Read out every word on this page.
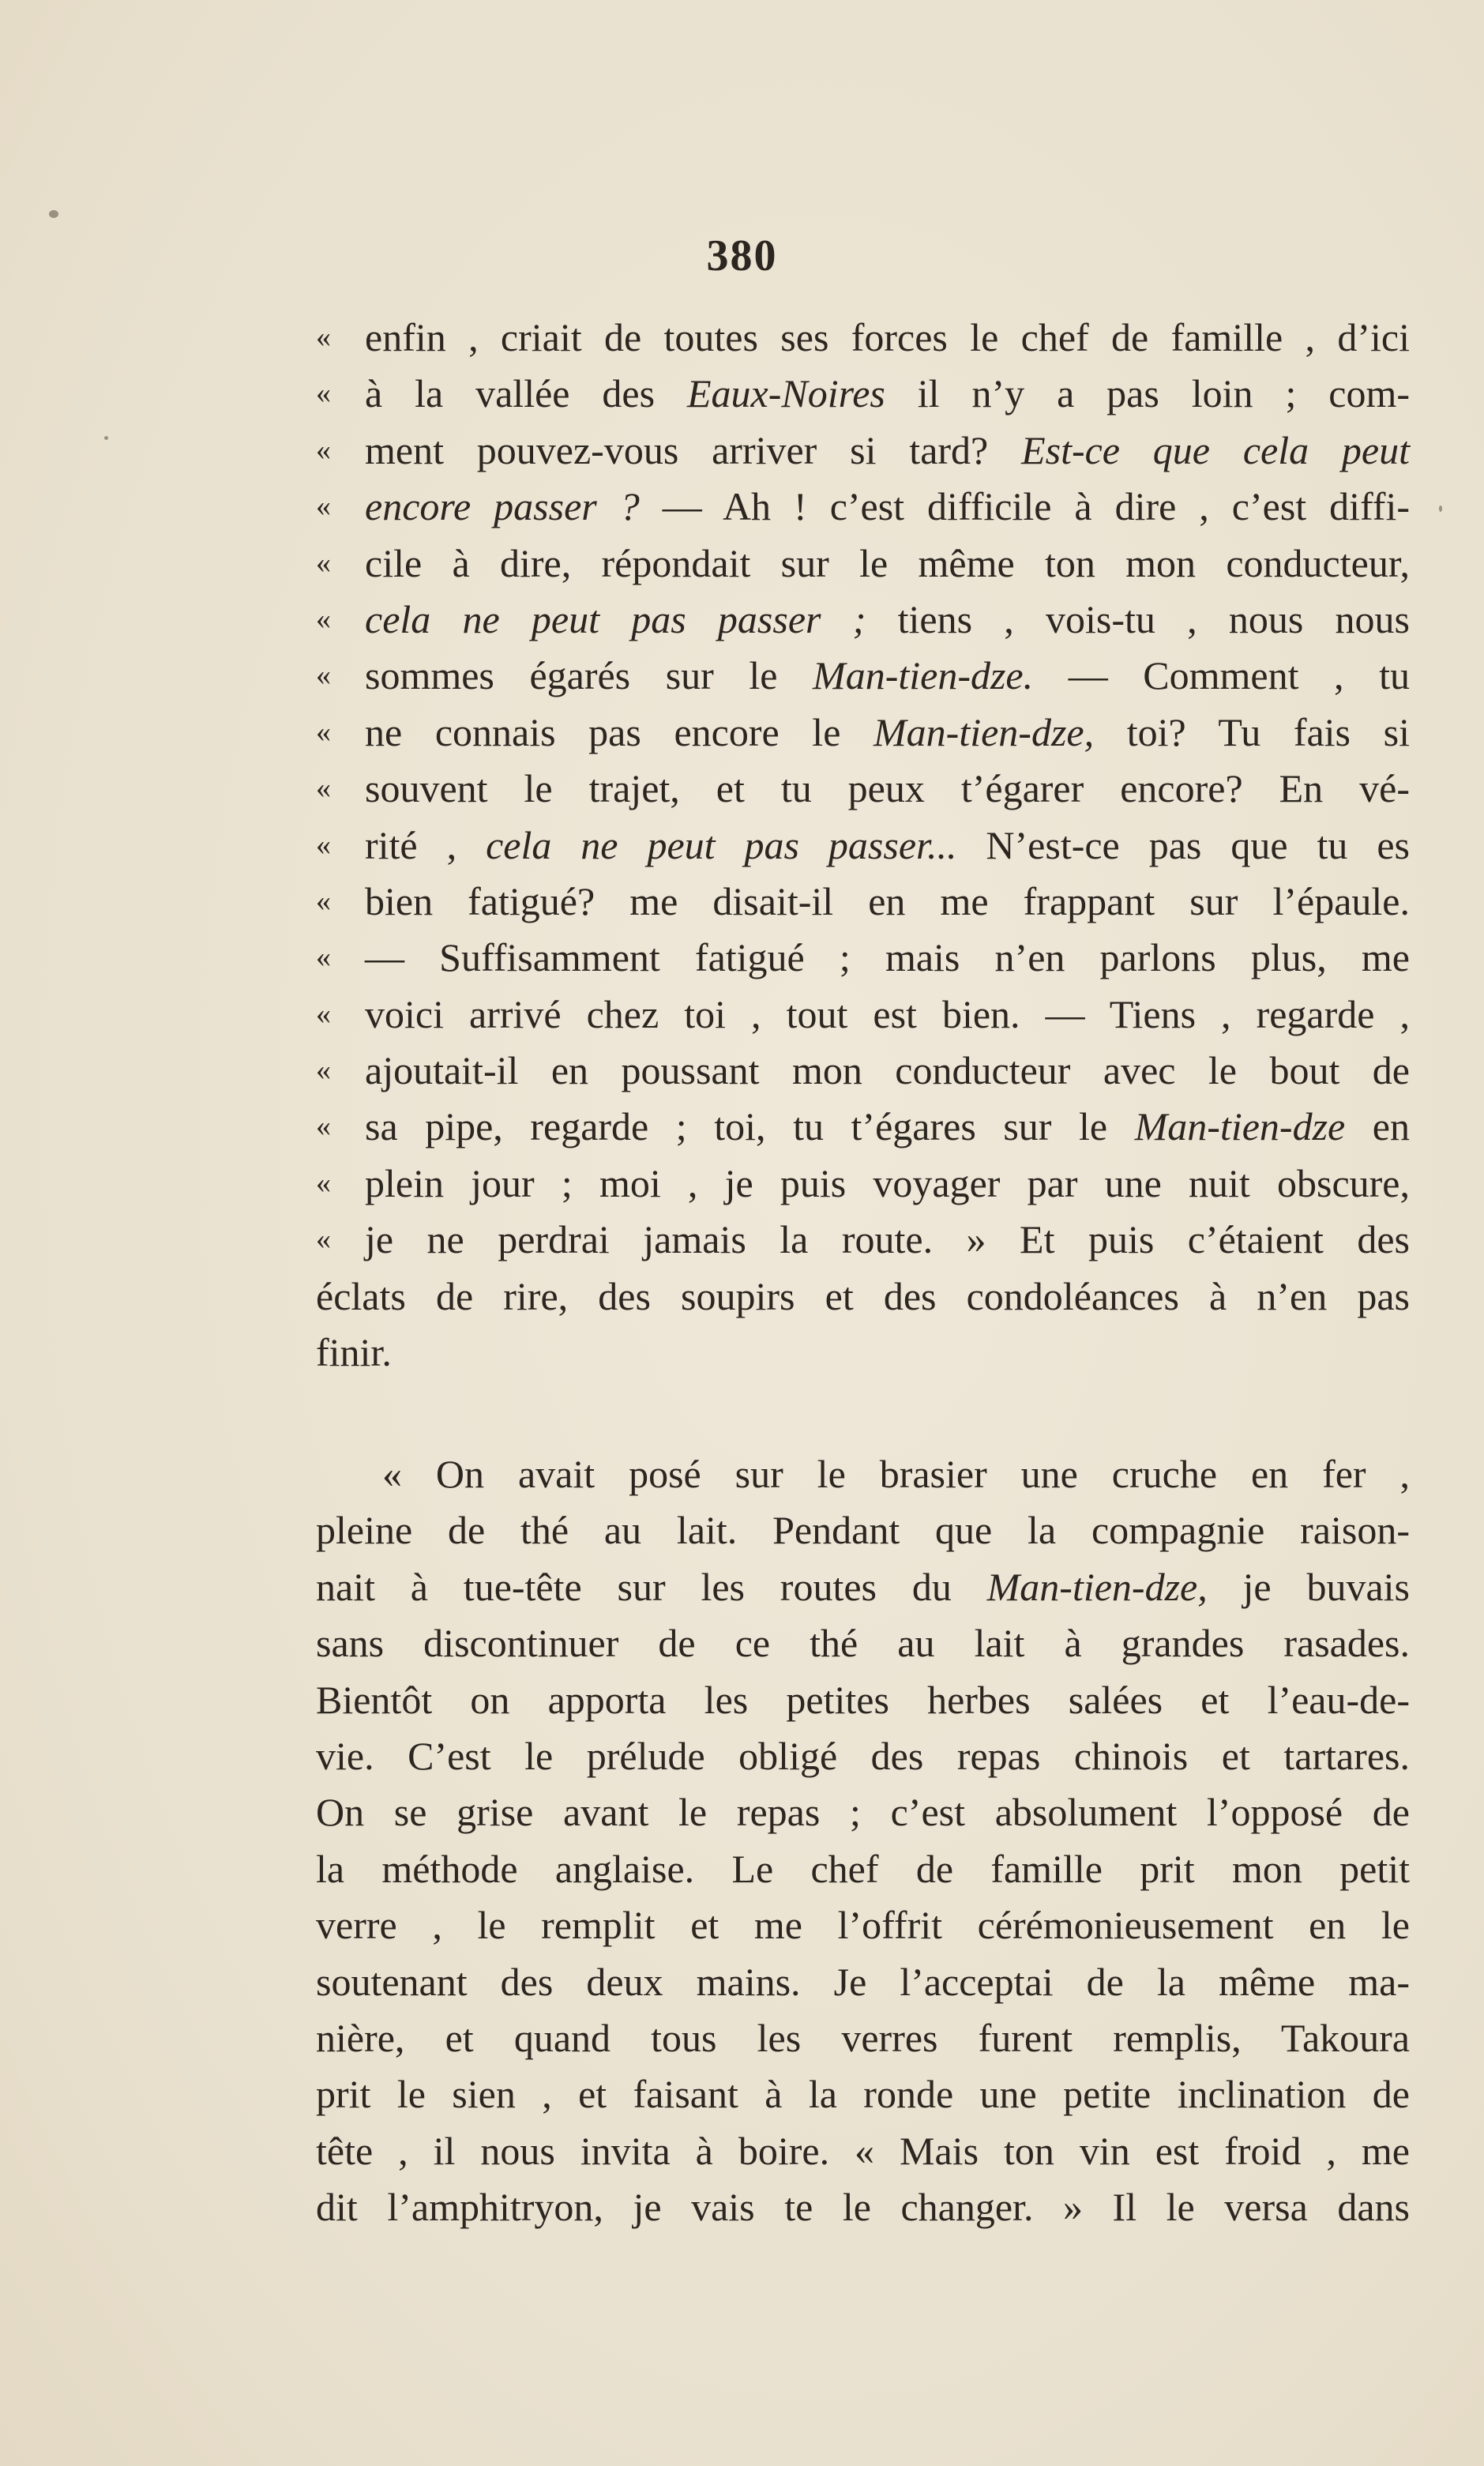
380
« enfin , criait de toutes ses forces le chef de famille , d’ici
« à la vallée des Eaux-Noires il n’y a pas loin ; com-
« ment pouvez-vous arriver si tard? Est-ce que cela peut
« encore passer ? — Ah ! c’est difficile à dire , c’est diffi-
« cile à dire, répondait sur le même ton mon conducteur,
« cela ne peut pas passer ; tiens , vois-tu , nous nous
« sommes égarés sur le Man-tien-dze. — Comment , tu
« ne connais pas encore le Man-tien-dze, toi? Tu fais si
« souvent le trajet, et tu peux t’égarer encore? En vé-
« rité , cela ne peut pas passer... N’est-ce pas que tu es
« bien fatigué? me disait-il en me frappant sur l’épaule.
« — Suffisamment fatigué ; mais n’en parlons plus, me
« voici arrivé chez toi , tout est bien. — Tiens , regarde ,
« ajoutait-il en poussant mon conducteur avec le bout de
« sa pipe, regarde ; toi, tu t’égares sur le Man-tien-dze en
« plein jour ; moi , je puis voyager par une nuit obscure,
« je ne perdrai jamais la route. » Et puis c’étaient des
éclats de rire, des soupirs et des condoléances à n’en pas
finir.
« On avait posé sur le brasier une cruche en fer ,
pleine de thé au lait. Pendant que la compagnie raison-
nait à tue-tête sur les routes du Man-tien-dze, je buvais
sans discontinuer de ce thé au lait à grandes rasades.
Bientôt on apporta les petites herbes salées et l’eau-de-
vie. C’est le prélude obligé des repas chinois et tartares.
On se grise avant le repas ; c’est absolument l’opposé de
la méthode anglaise. Le chef de famille prit mon petit
verre , le remplit et me l’offrit cérémonieusement en le
soutenant des deux mains. Je l’acceptai de la même ma-
nière, et quand tous les verres furent remplis, Takoura
prit le sien , et faisant à la ronde une petite inclination de
tête , il nous invita à boire. « Mais ton vin est froid , me
dit l’amphitryon, je vais te le changer. » Il le versa dans
